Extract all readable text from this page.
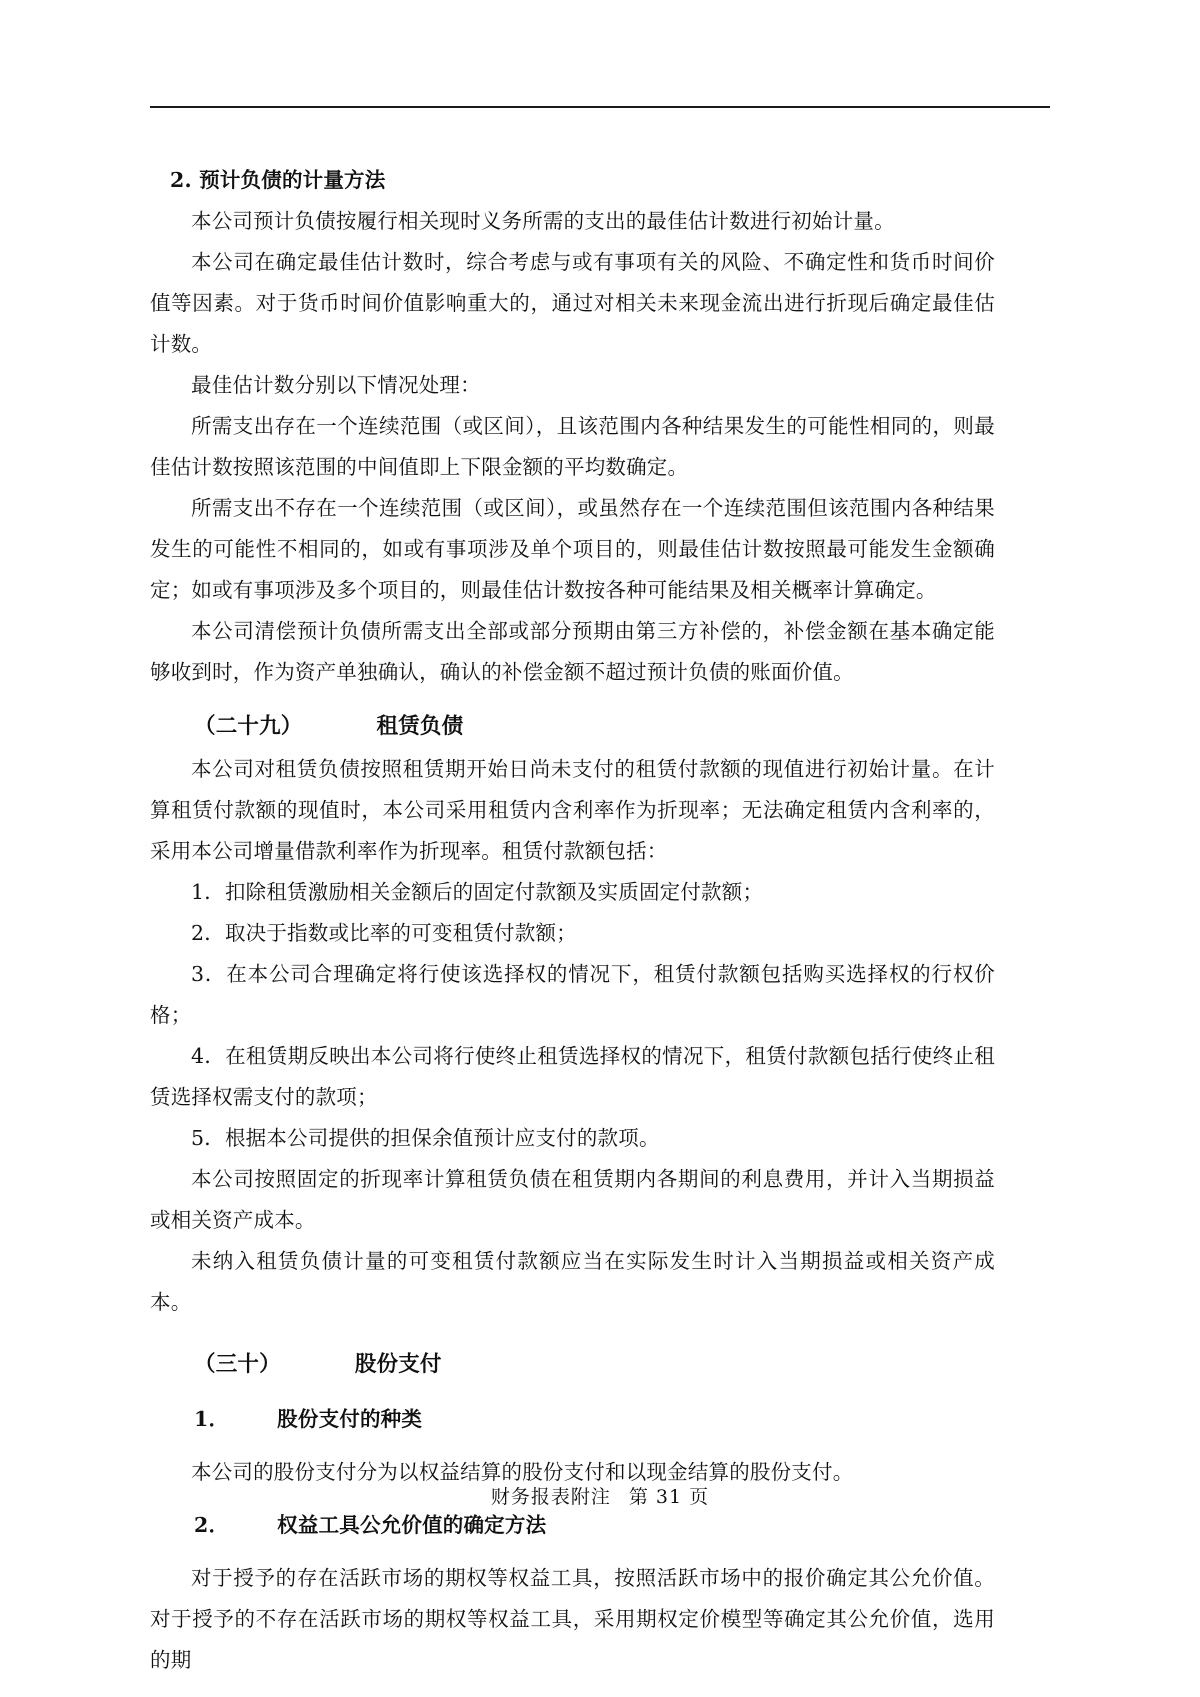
2. 预计负债的计量方法

本公司预计负债按履行相关现时义务所需的支出的最佳估计数进行初始计量。

本公司在确定最佳估计数时，综合考虑与或有事项有关的风险、不确定性和货币时间价值等因素。对于货币时间价值影响重大的，通过对相关未来现金流出进行折现后确定最佳估计数。

最佳估计数分别以下情况处理：

所需支出存在一个连续范围（或区间），且该范围内各种结果发生的可能性相同的，则最佳估计数按照该范围的中间值即上下限金额的平均数确定。

所需支出不存在一个连续范围（或区间），或虽然存在一个连续范围但该范围内各种结果发生的可能性不相同的，如或有事项涉及单个项目的，则最佳估计数按照最可能发生金额确定；如或有事项涉及多个项目的，则最佳估计数按各种可能结果及相关概率计算确定。

本公司清偿预计负债所需支出全部或部分预期由第三方补偿的，补偿金额在基本确定能够收到时，作为资产单独确认，确认的补偿金额不超过预计负债的账面价值。

（二十九）	租赁负债

本公司对租赁负债按照租赁期开始日尚未支付的租赁付款额的现值进行初始计量。在计算租赁付款额的现值时，本公司采用租赁内含利率作为折现率；无法确定租赁内含利率的，采用本公司增量借款利率作为折现率。租赁付款额包括：

1．扣除租赁激励相关金额后的固定付款额及实质固定付款额；

2．取决于指数或比率的可变租赁付款额；

3．在本公司合理确定将行使该选择权的情况下，租赁付款额包括购买选择权的行权价格；

4．在租赁期反映出本公司将行使终止租赁选择权的情况下，租赁付款额包括行使终止租赁选择权需支付的款项；

5．根据本公司提供的担保余值预计应支付的款项。

本公司按照固定的折现率计算租赁负债在租赁期内各期间的利息费用，并计入当期损益或相关资产成本。

未纳入租赁负债计量的可变租赁付款额应当在实际发生时计入当期损益或相关资产成本。

（三十）	股份支付

1． 股份支付的种类

本公司的股份支付分为以权益结算的股份支付和以现金结算的股份支付。

2． 权益工具公允价值的确定方法

对于授予的存在活跃市场的期权等权益工具，按照活跃市场中的报价确定其公允价值。对于授予的不存在活跃市场的期权等权益工具，采用期权定价模型等确定其公允价值，选用的期

财务报表附注 第 31 页
